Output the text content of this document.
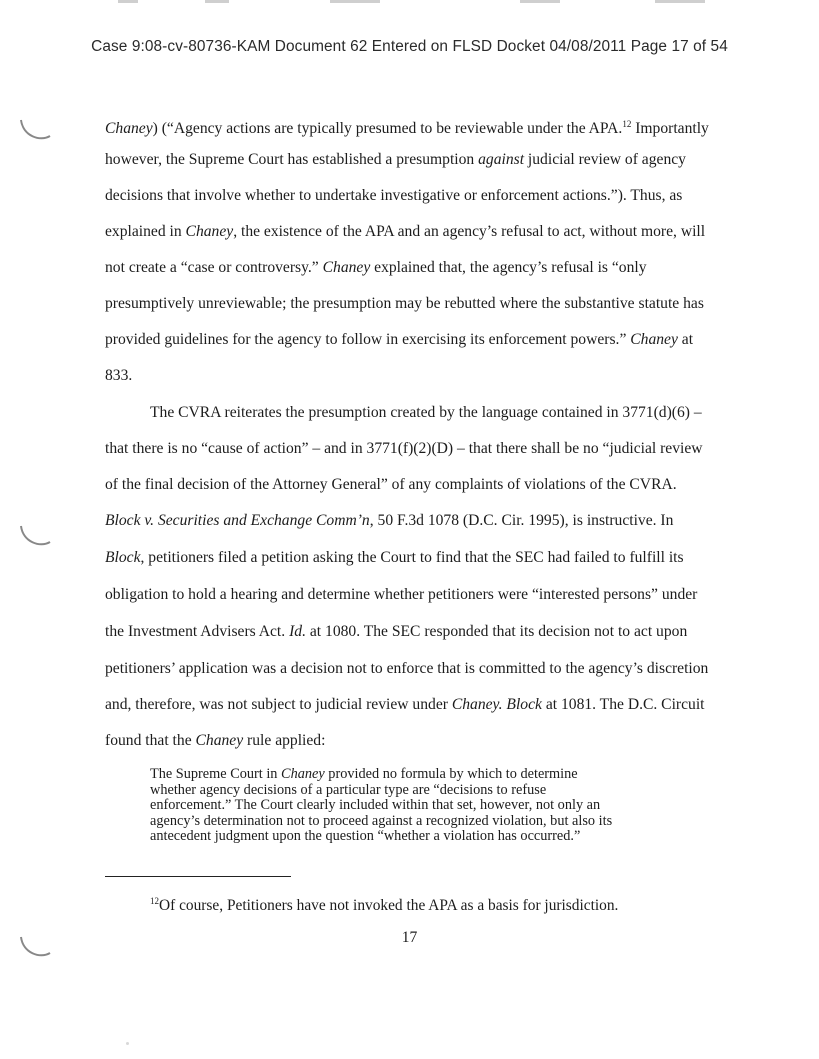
Case 9:08-cv-80736-KAM Document 62 Entered on FLSD Docket 04/08/2011 Page 17 of 54
Chaney) (“Agency actions are typically presumed to be reviewable under the APA.$^{12}$ Importantly
however, the Supreme Court has established a presumption against judicial review of agency
decisions that involve whether to undertake investigative or enforcement actions.”). Thus, as
explained in Chaney, the existence of the APA and an agency’s refusal to act, without more, will
not create a “case or controversy.” Chaney explained that, the agency’s refusal is “only
presumptively unreviewable; the presumption may be rebutted where the substantive statute has
provided guidelines for the agency to follow in exercising its enforcement powers.” Chaney at
833.
The CVRA reiterates the presumption created by the language contained in 3771(d)(6) –
that there is no “cause of action” – and in 3771(f)(2)(D) – that there shall be no “judicial review
of the final decision of the Attorney General” of any complaints of violations of the CVRA.
Block v. Securities and Exchange Comm’n, 50 F.3d 1078 (D.C. Cir. 1995), is instructive. In
Block, petitioners filed a petition asking the Court to find that the SEC had failed to fulfill its
obligation to hold a hearing and determine whether petitioners were “interested persons” under
the Investment Advisers Act. Id. at 1080. The SEC responded that its decision not to act upon
petitioners’ application was a decision not to enforce that is committed to the agency’s discretion
and, therefore, was not subject to judicial review under Chaney. Block at 1081. The D.C. Circuit
found that the Chaney rule applied:
The Supreme Court in Chaney provided no formula by which to determine
whether agency decisions of a particular type are “decisions to refuse
enforcement.” The Court clearly included within that set, however, not only an
agency’s determination not to proceed against a recognized violation, but also its
antecedent judgment upon the question “whether a violation has occurred.”
$^{12}$Of course, Petitioners have not invoked the APA as a basis for jurisdiction.
17
